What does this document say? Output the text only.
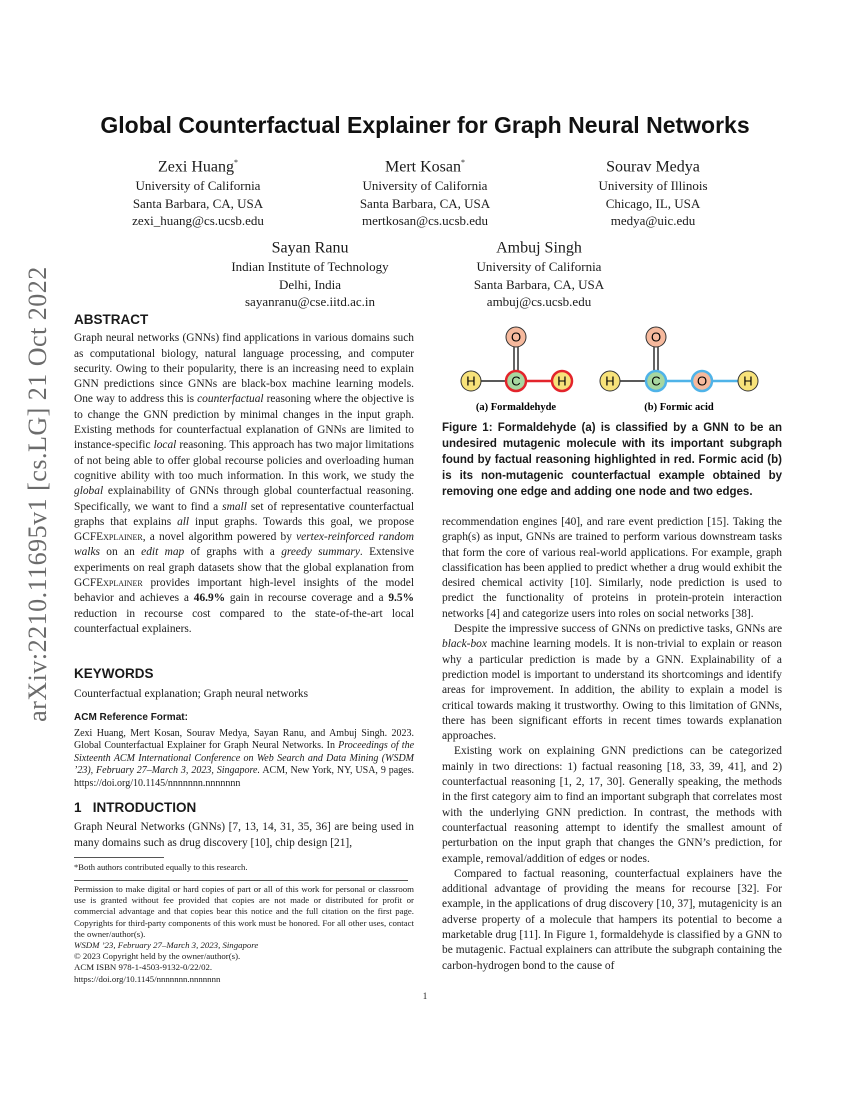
arXiv:2210.11695v1 [cs.LG] 21 Oct 2022
Global Counterfactual Explainer for Graph Neural Networks
Zexi Huang*
University of California
Santa Barbara, CA, USA
zexi_huang@cs.ucsb.edu
Mert Kosan*
University of California
Santa Barbara, CA, USA
mertkosan@cs.ucsb.edu
Sourav Medya
University of Illinois
Chicago, IL, USA
medya@uic.edu
Sayan Ranu
Indian Institute of Technology
Delhi, India
sayanranu@cse.iitd.ac.in
Ambuj Singh
University of California
Santa Barbara, CA, USA
ambuj@cs.ucsb.edu
ABSTRACT

Graph neural networks (GNNs) find applications in various domains such as computational biology, natural language processing, and computer security. Owing to their popularity, there is an increasing need to explain GNN predictions since GNNs are black-box machine learning models. One way to address this is counterfactual reasoning where the objective is to change the GNN prediction by minimal changes in the input graph. Existing methods for counterfactual explanation of GNNs are limited to instance-specific local reasoning. This approach has two major limitations of not being able to offer global recourse policies and overloading human cognitive ability with too much information. In this work, we study the global explainability of GNNs through global counterfactual reasoning. Specifically, we want to find a small set of representative counterfactual graphs that explains all input graphs. Towards this goal, we propose GCFExplainer, a novel algorithm powered by vertex-reinforced random walks on an edit map of graphs with a greedy summary. Extensive experiments on real graph datasets show that the global explanation from GCFExplainer provides important high-level insights of the model behavior and achieves a 46.9% gain in recourse coverage and a 9.5% reduction in recourse cost compared to the state-of-the-art local counterfactual explainers.

KEYWORDS

Counterfactual explanation; Graph neural networks

ACM Reference Format:

Zexi Huang, Mert Kosan, Sourav Medya, Sayan Ranu, and Ambuj Singh. 2023. Global Counterfactual Explainer for Graph Neural Networks. In Proceedings of the Sixteenth ACM International Conference on Web Search and Data Mining (WSDM ’23), February 27–March 3, 2023, Singapore. ACM, New York, NY, USA, 9 pages. https://doi.org/10.1145/nnnnnnn.nnnnnnn

1   INTRODUCTION

Graph Neural Networks (GNNs) [7, 13, 14, 31, 35, 36] are being used in many domains such as drug discovery [10], chip design [21],

*Both authors contributed equally to this research.

Permission to make digital or hard copies of part or all of this work for personal or classroom use is granted without fee provided that copies are not made or distributed for profit or commercial advantage and that copies bear this notice and the full citation on the first page. Copyrights for third-party components of this work must be honored. For all other uses, contact the owner/author(s).

WSDM ’23, February 27–March 3, 2023, Singapore

© 2023 Copyright held by the owner/author(s).

ACM ISBN 978-1-4503-9132-0/22/02.

https://doi.org/10.1145/nnnnnnn.nnnnnnn

O
H	C	H
(a) Formaldehyde
O
H	C	O	H
(b) Formic acid
Figure 1: Formaldehyde (a) is classified by a GNN to be an undesired mutagenic molecule with its important subgraph found by factual reasoning highlighted in red. Formic acid (b) is its non-mutagenic counterfactual example obtained by removing one edge and adding one node and two edges.

recommendation engines [40], and rare event prediction [15]. Taking the graph(s) as input, GNNs are trained to perform various downstream tasks that form the core of various real-world applications. For example, graph classification has been applied to predict whether a drug would exhibit the desired chemical activity [10]. Similarly, node prediction is used to predict the functionality of proteins in protein-protein interaction networks [4] and categorize users into roles on social networks [38].

Despite the impressive success of GNNs on predictive tasks, GNNs are black-box machine learning models. It is non-trivial to explain or reason why a particular prediction is made by a GNN. Explainability of a prediction model is important to understand its shortcomings and identify areas for improvement. In addition, the ability to explain a model is critical towards making it trustworthy. Owing to this limitation of GNNs, there has been significant efforts in recent times towards explanation approaches.

Existing work on explaining GNN predictions can be categorized mainly in two directions: 1) factual reasoning [18, 33, 39, 41], and 2) counterfactual reasoning [1, 2, 17, 30]. Generally speaking, the methods in the first category aim to find an important subgraph that correlates most with the underlying GNN prediction. In contrast, the methods with counterfactual reasoning attempt to identify the smallest amount of perturbation on the input graph that changes the GNN’s prediction, for example, removal/addition of edges or nodes.

Compared to factual reasoning, counterfactual explainers have the additional advantage of providing the means for recourse [32]. For example, in the applications of drug discovery [10, 37], mutagenicity is an adverse property of a molecule that hampers its potential to become a marketable drug [11]. In Figure 1, formaldehyde is classified by a GNN to be mutagenic. Factual explainers can attribute the subgraph containing the carbon-hydrogen bond to the cause of

1
